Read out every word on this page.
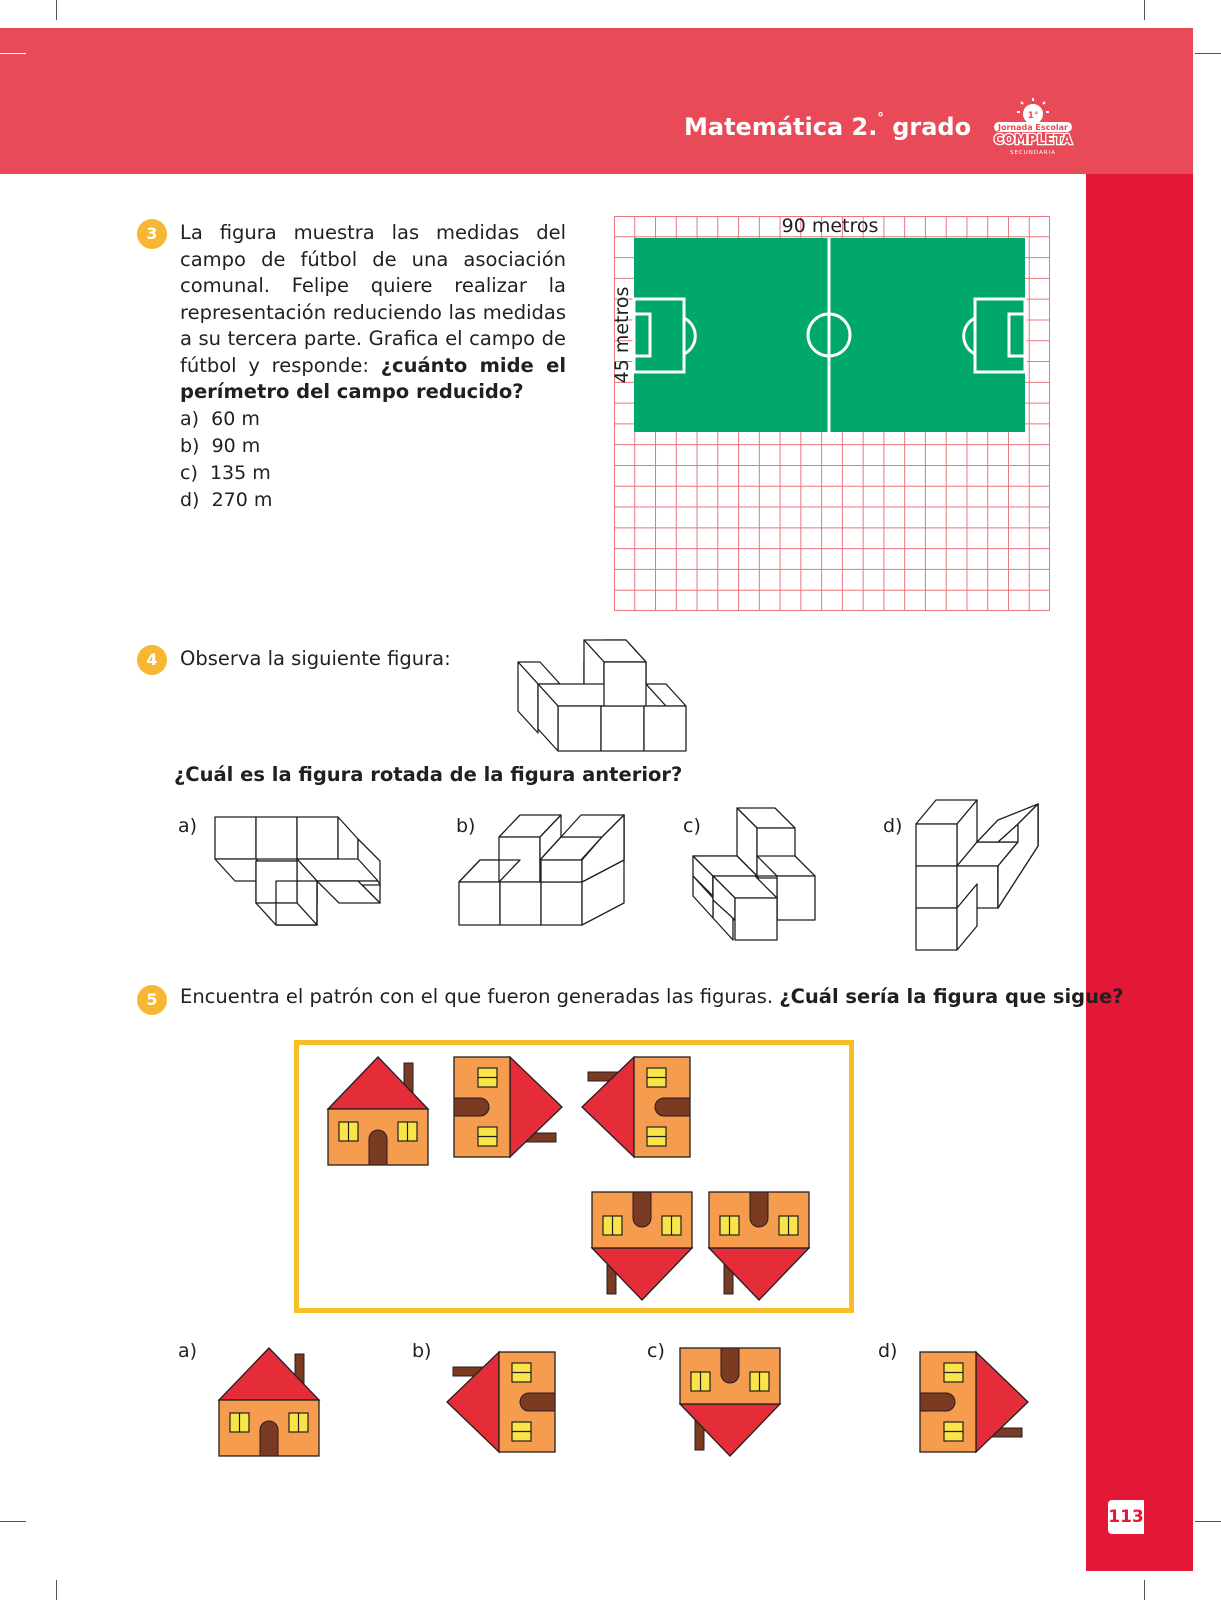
Matemática 2.° grado	1°
Jornada Escolar
COMPLETA
SECUNDARIA
113
3	La figura muestra las medidas del campo de fútbol de una asociación comunal. Felipe quiere realizar la representación reduciendo las medidas a su tercera parte. Grafica el campo de fútbol y responde: ¿cuánto mide el perímetro del campo reducido?
a) 60 m
b) 90 m
c) 135 m
d) 270 m
90 metros
45 metros
4	Observa la siguiente figura:
¿Cuál es la figura rotada de la figura anterior?
a)	b)	c)	d)
5	Encuentra el patrón con el que fueron generadas las figuras. ¿Cuál sería la figura que sigue?
a)	b)	c)	d)
